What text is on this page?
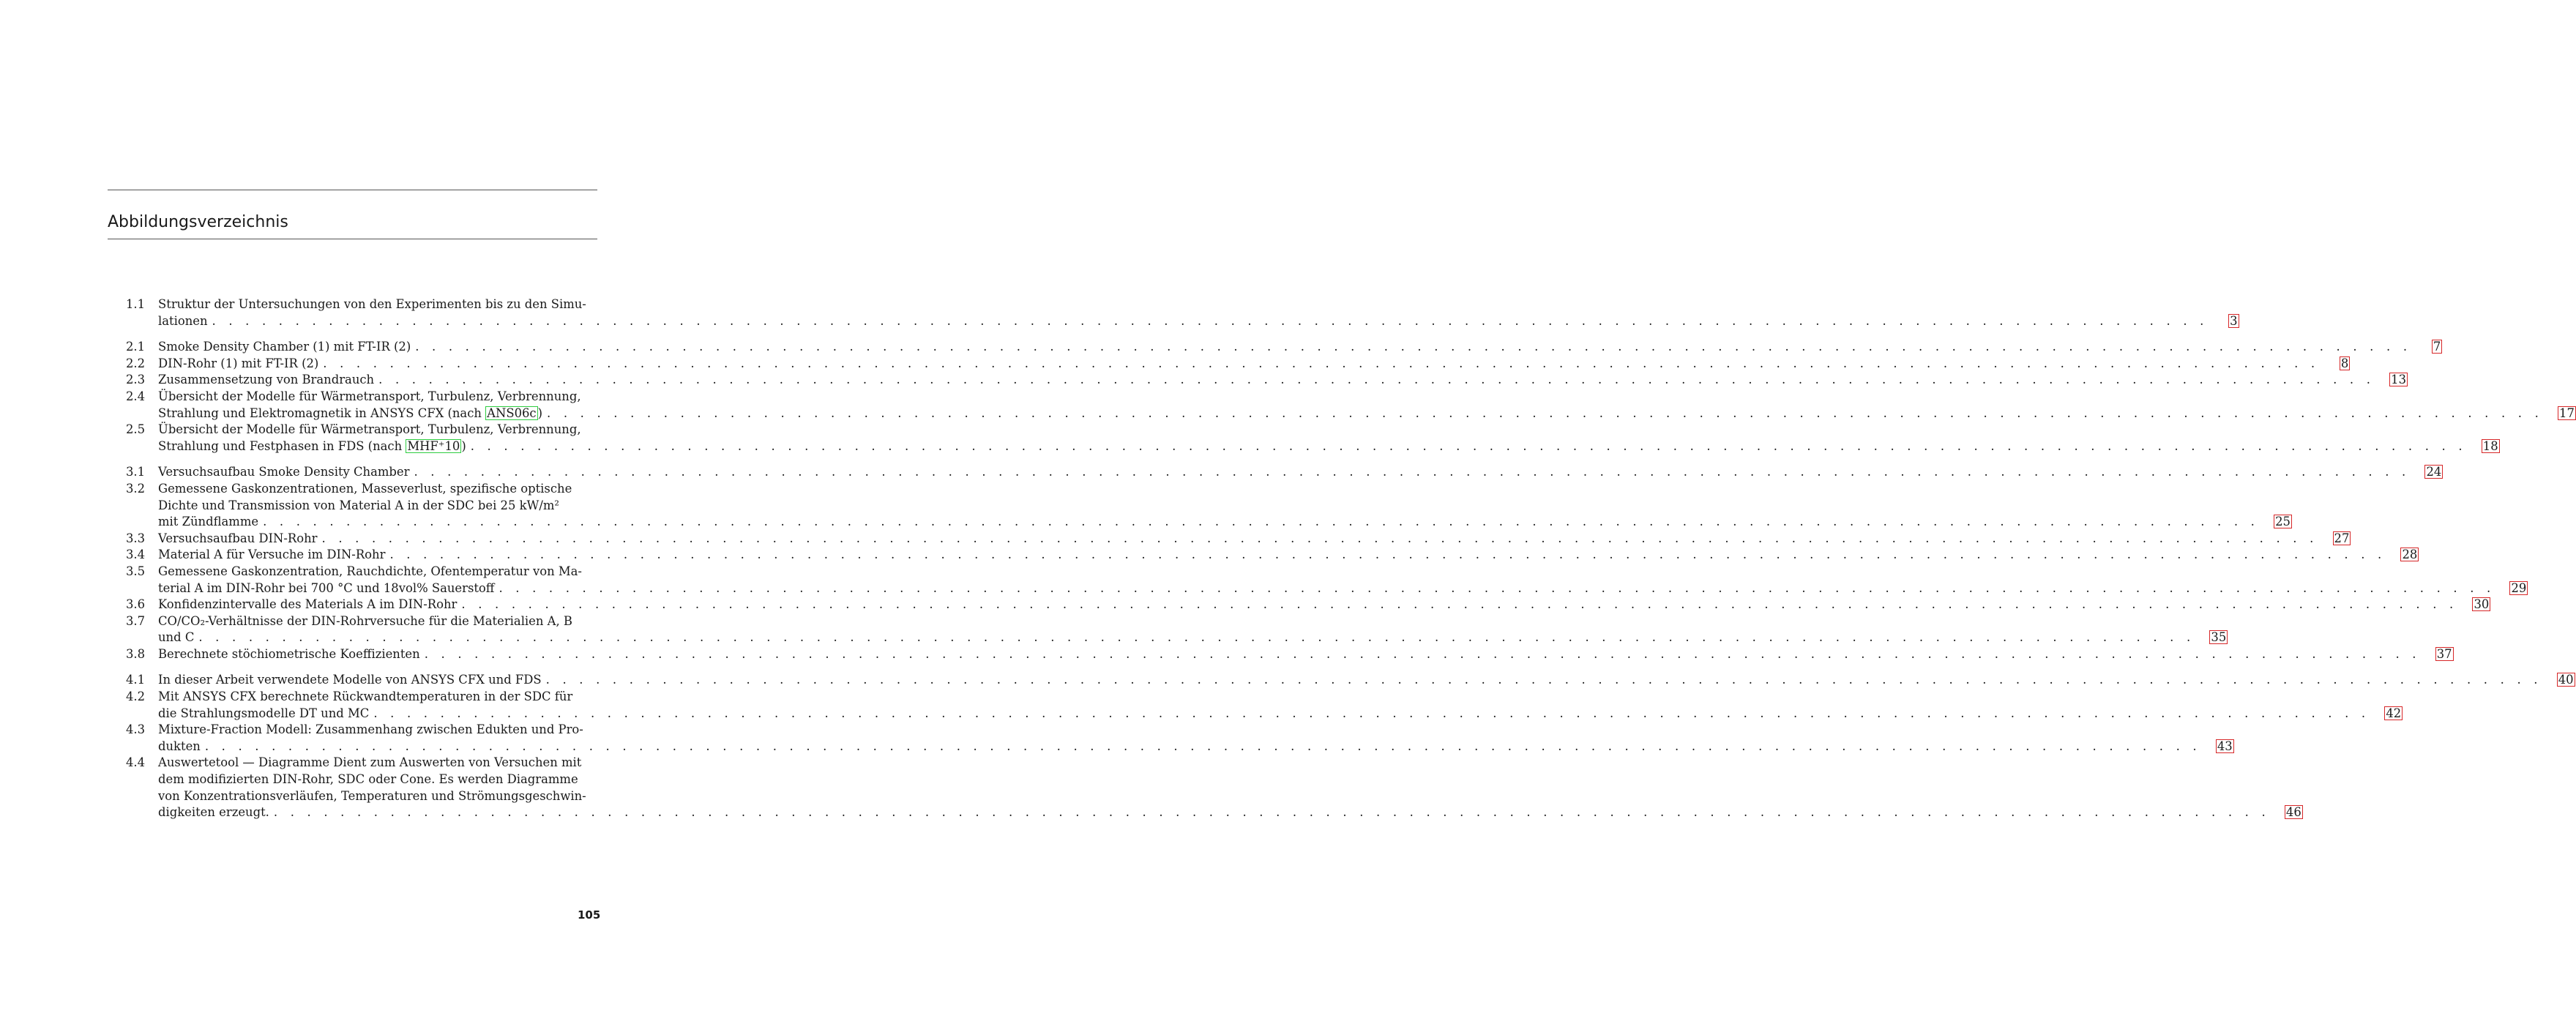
Abbildungsverzeichnis
1.1	Struktur der Untersuchungen von den Experimenten bis zu den Simu-
lationen . . . . . . . . . . . . . . . . . . . . . . . . . . . . . . . . . . . . . . . . . . . . . . . . . . . . . . . . . . . . . . . . . . . . . . . . . . . . . . . . . . . . . . . . . . . . . . . . . . . . . . . . . . . . . . . . . . . . . . . .	3
2.1	Smoke Density Chamber (1) mit FT-IR (2) . . . . . . . . . . . . . . . . . . . . . . . . . . . . . . . . . . . . . . . . . . . . . . . . . . . . . . . . . . . . . . . . . . . . . . . . . . . . . . . . . . . . . . . . . . . . . . . . . . . . . . . . . . . . . . . . . . . . . . . .	7
2.2	DIN-Rohr (1) mit FT-IR (2) . . . . . . . . . . . . . . . . . . . . . . . . . . . . . . . . . . . . . . . . . . . . . . . . . . . . . . . . . . . . . . . . . . . . . . . . . . . . . . . . . . . . . . . . . . . . . . . . . . . . . . . . . . . . . . . . . . . . . . . .	8
2.3	Zusammensetzung von Brandrauch . . . . . . . . . . . . . . . . . . . . . . . . . . . . . . . . . . . . . . . . . . . . . . . . . . . . . . . . . . . . . . . . . . . . . . . . . . . . . . . . . . . . . . . . . . . . . . . . . . . . . . . . . . . . . . . . . . . . . . . . 13
2.4	Übersicht der Modelle für Wärmetransport, Turbulenz, Verbrennung,
Strahlung und Elektromagnetik in ANSYS CFX (nach ANS06c ) . . . . . . . . . . . . . . . . . . . . . . . . . . . . . . . . . . . . . . . . . . . . . . . . . . . . . . . . . . . . . . . . . . . . . . . . . . . . . . . . . . . . . . . . . . . . . . . . . . . . . . . . . . . . . . . . . . . . . . . . 17
2.5	Übersicht der Modelle für Wärmetransport, Turbulenz, Verbrennung,
Strahlung und Festphasen in FDS (nach MHF⁺10 ) . . . . . . . . . . . . . . . . . . . . . . . . . . . . . . . . . . . . . . . . . . . . . . . . . . . . . . . . . . . . . . . . . . . . . . . . . . . . . . . . . . . . . . . . . . . . . . . . . . . . . . . . . . . . . . . . . . . . . . . . 18
3.1	Versuchsaufbau Smoke Density Chamber . . . . . . . . . . . . . . . . . . . . . . . . . . . . . . . . . . . . . . . . . . . . . . . . . . . . . . . . . . . . . . . . . . . . . . . . . . . . . . . . . . . . . . . . . . . . . . . . . . . . . . . . . . . . . . . . . . . . . . . . 24
3.2	Gemessene Gaskonzentrationen, Masseverlust, spezifische optische
Dichte und Transmission von Material A in der SDC bei 25 kW/m²
mit Zündflamme . . . . . . . . . . . . . . . . . . . . . . . . . . . . . . . . . . . . . . . . . . . . . . . . . . . . . . . . . . . . . . . . . . . . . . . . . . . . . . . . . . . . . . . . . . . . . . . . . . . . . . . . . . . . . . . . . . . . . . . . 25
3.3	Versuchsaufbau DIN-Rohr . . . . . . . . . . . . . . . . . . . . . . . . . . . . . . . . . . . . . . . . . . . . . . . . . . . . . . . . . . . . . . . . . . . . . . . . . . . . . . . . . . . . . . . . . . . . . . . . . . . . . . . . . . . . . . . . . . . . . . . . 27
3.4	Material A für Versuche im DIN-Rohr . . . . . . . . . . . . . . . . . . . . . . . . . . . . . . . . . . . . . . . . . . . . . . . . . . . . . . . . . . . . . . . . . . . . . . . . . . . . . . . . . . . . . . . . . . . . . . . . . . . . . . . . . . . . . . . . . . . . . . . . 28
3.5	Gemessene Gaskonzentration, Rauchdichte, Ofentemperatur von Ma-
terial A im DIN-Rohr bei 700 °C und 18vol% Sauerstoff . . . . . . . . . . . . . . . . . . . . . . . . . . . . . . . . . . . . . . . . . . . . . . . . . . . . . . . . . . . . . . . . . . . . . . . . . . . . . . . . . . . . . . . . . . . . . . . . . . . . . . . . . . . . . . . . . . . . . . . . 29
3.6	Konfidenzintervalle des Materials A im DIN-Rohr . . . . . . . . . . . . . . . . . . . . . . . . . . . . . . . . . . . . . . . . . . . . . . . . . . . . . . . . . . . . . . . . . . . . . . . . . . . . . . . . . . . . . . . . . . . . . . . . . . . . . . . . . . . . . . . . . . . . . . . . 30
3.7	CO/CO₂-Verhältnisse der DIN-Rohrversuche für die Materialien A, B
und C . . . . . . . . . . . . . . . . . . . . . . . . . . . . . . . . . . . . . . . . . . . . . . . . . . . . . . . . . . . . . . . . . . . . . . . . . . . . . . . . . . . . . . . . . . . . . . . . . . . . . . . . . . . . . . . . . . . . . . . . 35
3.8	Berechnete stöchiometrische Koeffizienten . . . . . . . . . . . . . . . . . . . . . . . . . . . . . . . . . . . . . . . . . . . . . . . . . . . . . . . . . . . . . . . . . . . . . . . . . . . . . . . . . . . . . . . . . . . . . . . . . . . . . . . . . . . . . . . . . . . . . . . . 37
4.1	In dieser Arbeit verwendete Modelle von ANSYS CFX und FDS . . . . . . . . . . . . . . . . . . . . . . . . . . . . . . . . . . . . . . . . . . . . . . . . . . . . . . . . . . . . . . . . . . . . . . . . . . . . . . . . . . . . . . . . . . . . . . . . . . . . . . . . . . . . . . . . . . . . . . . . 40
4.2	Mit ANSYS CFX berechnete Rückwandtemperaturen in der SDC für
die Strahlungsmodelle DT und MC . . . . . . . . . . . . . . . . . . . . . . . . . . . . . . . . . . . . . . . . . . . . . . . . . . . . . . . . . . . . . . . . . . . . . . . . . . . . . . . . . . . . . . . . . . . . . . . . . . . . . . . . . . . . . . . . . . . . . . . . 42
4.3	Mixture-Fraction Modell: Zusammenhang zwischen Edukten und Pro-
dukten . . . . . . . . . . . . . . . . . . . . . . . . . . . . . . . . . . . . . . . . . . . . . . . . . . . . . . . . . . . . . . . . . . . . . . . . . . . . . . . . . . . . . . . . . . . . . . . . . . . . . . . . . . . . . . . . . . . . . . . . 43
4.4	Auswertetool — Diagramme Dient zum Auswerten von Versuchen mit
dem modifizierten DIN-Rohr, SDC oder Cone. Es werden Diagramme
von Konzentrationsverläufen, Temperaturen und Strömungsgeschwin-
digkeiten erzeugt. . . . . . . . . . . . . . . . . . . . . . . . . . . . . . . . . . . . . . . . . . . . . . . . . . . . . . . . . . . . . . . . . . . . . . . . . . . . . . . . . . . . . . . . . . . . . . . . . . . . . . . . . . . . . . . . . . . . . . . . . 46
105
